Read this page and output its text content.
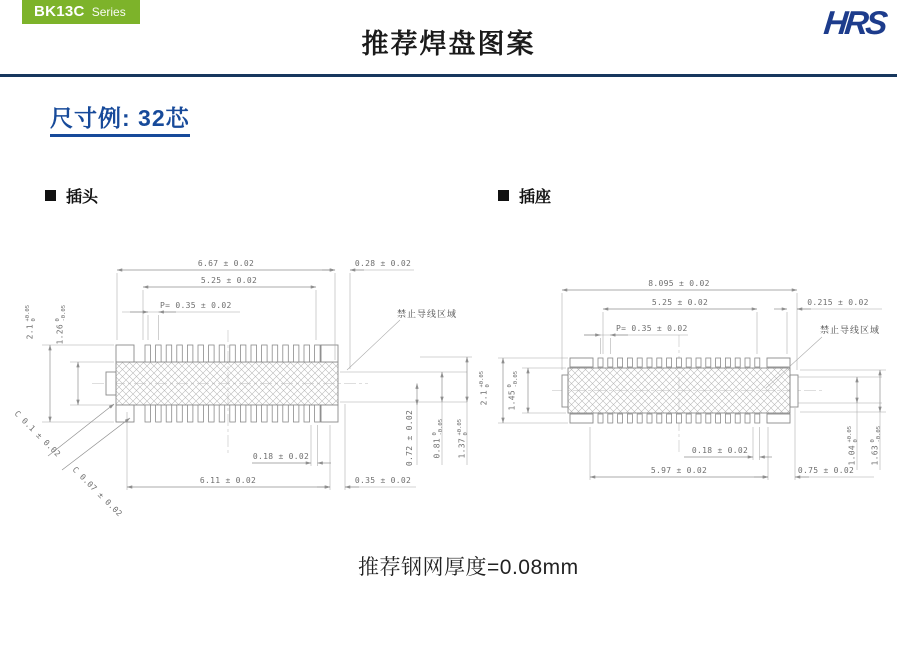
BK13C Series
推荐焊盘图案
HRS
尺寸例: 32芯
插头	插座
6.67 ± 0.02	0.28 ± 0.02
5.25 ± 0.02
P= 0.35 ± 0.02
禁止导线区域
2.1
+0.05 0
1.26
0 -0.05
0.72 ± 0.02 0.81
0 -0.05
1.37
+0.05 0
0.18 ± 0.02
6.11 ± 0.02	0.35 ± 0.02
C 0.1 ± 0.02
C 0.07 ± 0.02
8.095 ± 0.02
5.25 ± 0.02	0.215 ± 0.02
P= 0.35 ± 0.02	禁止导线区域
2.1
+0.05 0
1.45
0 -0.05
1.04
+0.05 0
1.63
0 -0.05
0.18 ± 0.02
5.97 ± 0.02	0.75 ± 0.02
推荐钢网厚度=0.08mm
